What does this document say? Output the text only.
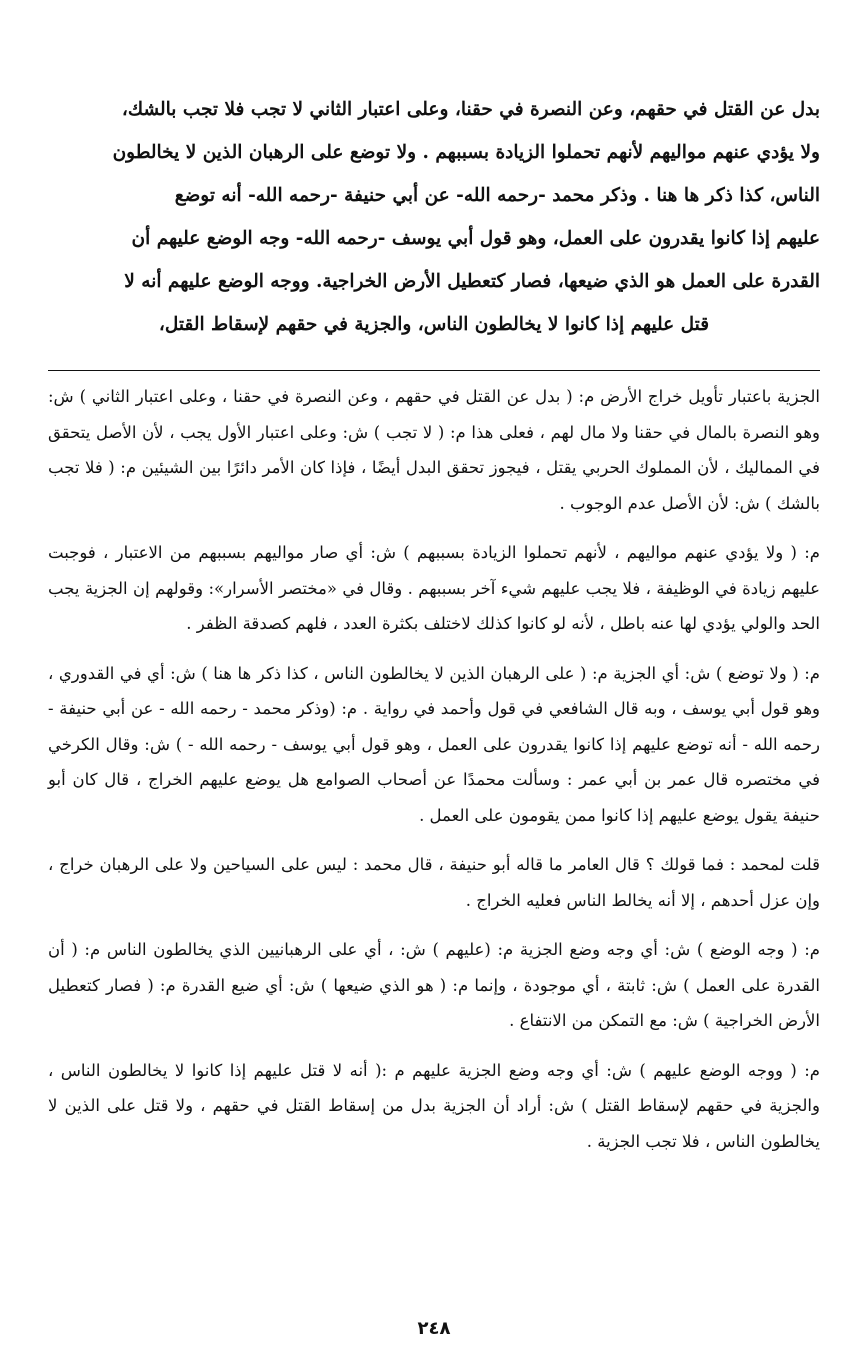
بدل عن القتل في حقهم، وعن النصرة في حقنا، وعلى اعتبار الثاني لا تجب فلا تجب بالشك،

ولا يؤدي عنهم مواليهم لأنهم تحملوا الزيادة بسببهم . ولا توضع على الرهبان الذين لا يخالطون

الناس، كذا ذكر ها هنا . وذكر محمد -رحمه الله- عن أبي حنيفة -رحمه الله- أنه توضع

عليهم إذا كانوا يقدرون على العمل، وهو قول أبي يوسف -رحمه الله- وجه الوضع عليهم أن

القدرة على العمل هو الذي ضيعها، فصار كتعطيل الأرض الخراجية. ووجه الوضع عليهم أنه لا

قتل عليهم إذا كانوا لا يخالطون الناس، والجزية في حقهم لإسقاط القتل،

الجزية باعتبار تأويل خراج الأرض م: ( بدل عن القتل في حقهم ، وعن النصرة في حقنا ، وعلى اعتبار الثاني ) ش: وهو النصرة بالمال في حقنا ولا مال لهم ، فعلى هذا م: ( لا تجب ) ش: وعلى اعتبار الأول يجب ، لأن الأصل يتحقق في المماليك ، لأن المملوك الحربي يقتل ، فيجوز تحقق البدل أيضًا ، فإذا كان الأمر دائرًا بين الشيئين م: ( فلا تجب بالشك ) ش: لأن الأصل عدم الوجوب .

م: ( ولا يؤدي عنهم مواليهم ، لأنهم تحملوا الزيادة بسببهم ) ش: أي صار مواليهم بسببهم من الاعتبار ، فوجبت عليهم زيادة في الوظيفة ، فلا يجب عليهم شيء آخر بسببهم . وقال في «مختصر الأسرار»: وقولهم إن الجزية يجب الحد والولي يؤدي لها عنه باطل ، لأنه لو كانوا كذلك لاختلف بكثرة العدد ، فلهم كصدقة الظفر .

م: ( ولا توضع ) ش: أي الجزية م: ( على الرهبان الذين لا يخالطون الناس ، كذا ذكر ها هنا ) ش: أي في القدوري ، وهو قول أبي يوسف ، وبه قال الشافعي في قول وأحمد في رواية . م: (وذكر محمد - رحمه الله - عن أبي حنيفة - رحمه الله - أنه توضع عليهم إذا كانوا يقدرون على العمل ، وهو قول أبي يوسف - رحمه الله - ) ش: وقال الكرخي في مختصره قال عمر بن أبي عمر : وسألت محمدًا عن أصحاب الصوامع هل يوضع عليهم الخراج ، قال كان أبو حنيفة يقول يوضع عليهم إذا كانوا ممن يقومون على العمل .

قلت لمحمد : فما قولك ؟ قال العامر ما قاله أبو حنيفة ، قال محمد : ليس على السياحين ولا على الرهبان خراج ، وإن عزل أحدهم ، إلا أنه يخالط الناس فعليه الخراج .

م: ( وجه الوضع ) ش: أي وجه وضع الجزية م: (عليهم ) ش: ، أي على الرهبانيين الذي يخالطون الناس م: ( أن القدرة على العمل ) ش: ثابتة ، أي موجودة ، وإنما م: ( هو الذي ضيعها ) ش: أي ضيع القدرة م: ( فصار كتعطيل الأرض الخراجية ) ش: مع التمكن من الانتفاع .

م: ( ووجه الوضع عليهم ) ش: أي وجه وضع الجزية عليهم م :( أنه لا قتل عليهم إذا كانوا لا يخالطون الناس ، والجزية في حقهم لإسقاط القتل ) ش: أراد أن الجزية بدل من إسقاط القتل في حقهم ، ولا قتل على الذين لا يخالطون الناس ، فلا تجب الجزية .

٢٤٨
